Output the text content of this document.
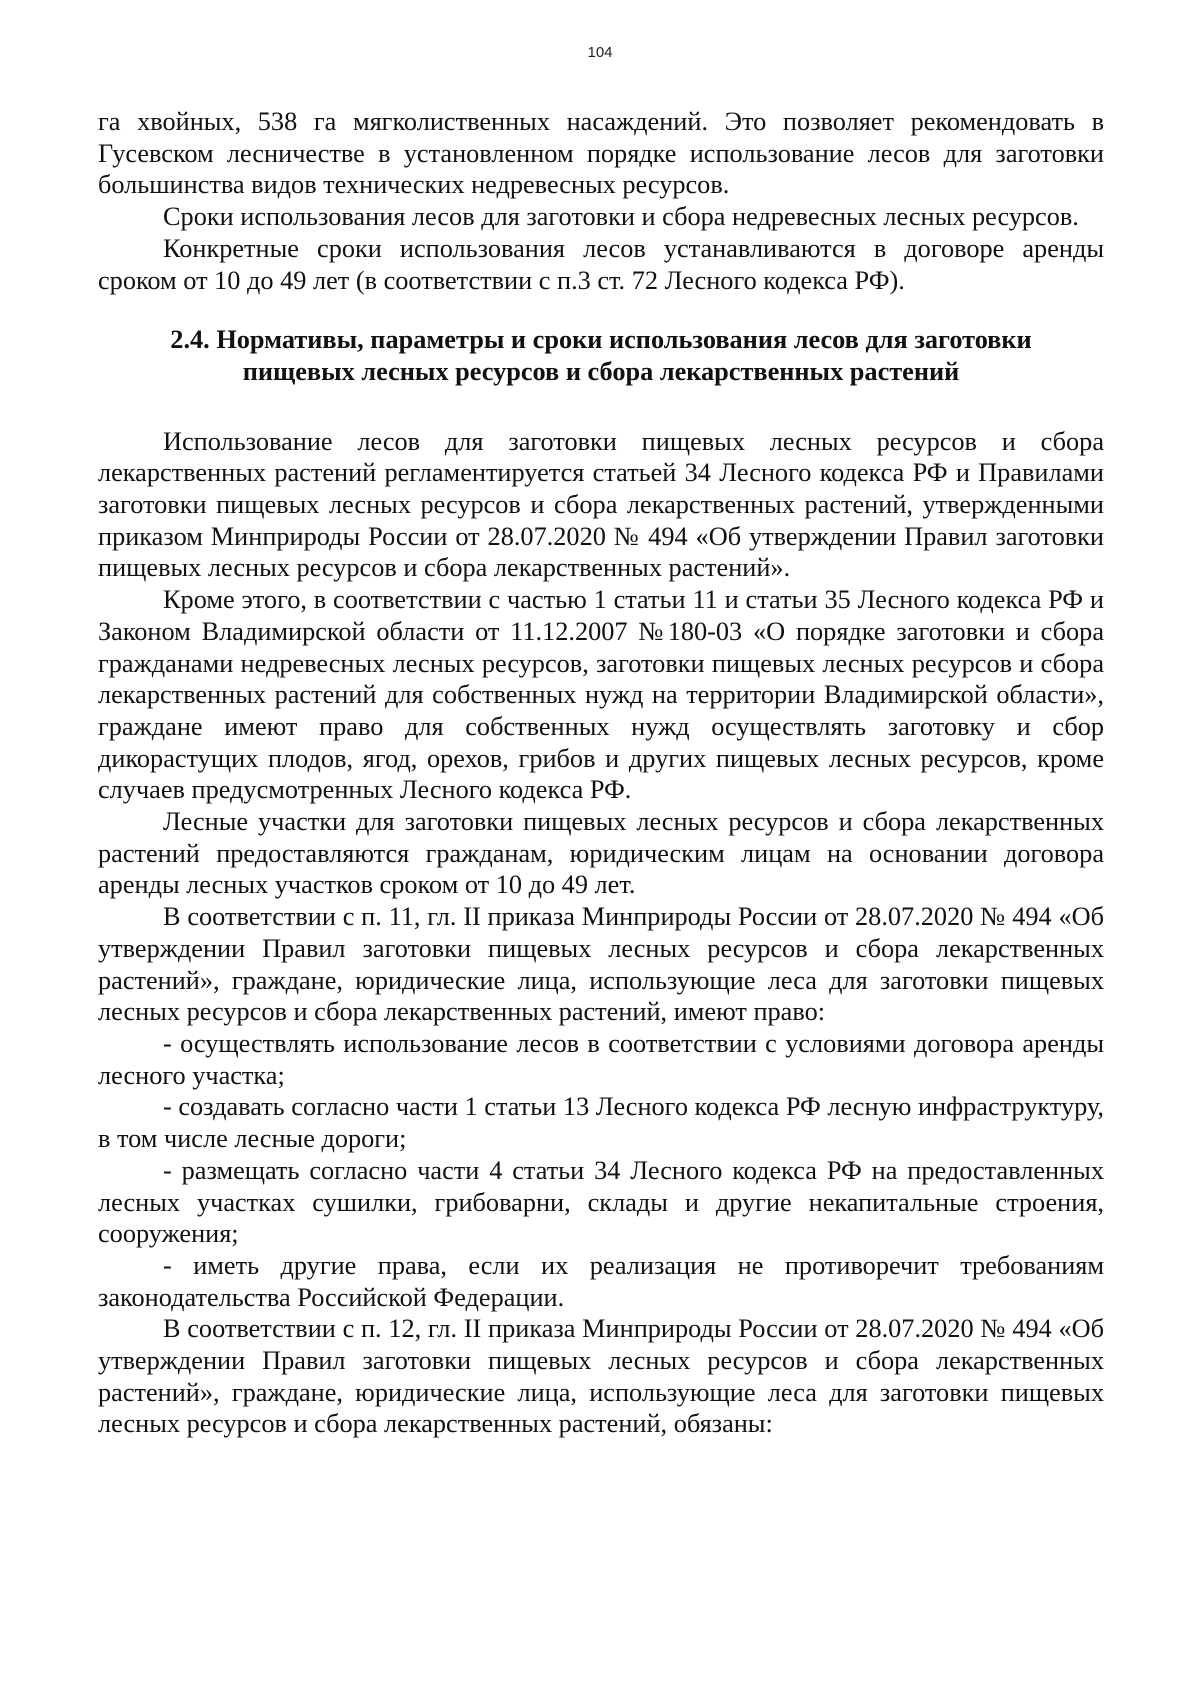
104

га хвойных, 538 га мягколиственных насаждений. Это позволяет рекомендовать в Гусевском лесничестве в установленном порядке использование лесов для заготовки большинства видов технических недревесных ресурсов.

Сроки использования лесов для заготовки и сбора недревесных лесных ресурсов.

Конкретные сроки использования лесов устанавливаются в договоре аренды сроком от 10 до 49 лет (в соответствии с п.3 ст. 72 Лесного кодекса РФ).

2.4. Нормативы, параметры и сроки использования лесов для заготовки
пищевых лесных ресурсов и сбора лекарственных растений

Использование лесов для заготовки пищевых лесных ресурсов и сбора лекарственных растений регламентируется статьей 34 Лесного кодекса РФ и Правилами заготовки пищевых лесных ресурсов и сбора лекарственных растений, утвержденными приказом Минприроды России от 28.07.2020 № 494 «Об утверждении Правил заготовки пищевых лесных ресурсов и сбора лекарственных растений».

Кроме этого, в соответствии с частью 1 статьи 11 и статьи 35 Лесного кодекса РФ и Законом Владимирской области от 11.12.2007 №180-03 «О порядке заготовки и сбора гражданами недревесных лесных ресурсов, заготовки пищевых лесных ресурсов и сбора лекарственных растений для собственных нужд на территории Владимирской области», граждане имеют право для собственных нужд осуществлять заготовку и сбор дикорастущих плодов, ягод, орехов, грибов и других пищевых лесных ресурсов, кроме случаев предусмотренных Лесного кодекса РФ.

Лесные участки для заготовки пищевых лесных ресурсов и сбора лекарственных растений предоставляются гражданам, юридическим лицам на основании договора аренды лесных участков сроком от 10 до 49 лет.

В соответствии с п. 11, гл. II приказа Минприроды России от 28.07.2020 № 494 «Об утверждении Правил заготовки пищевых лесных ресурсов и сбора лекарственных растений», граждане, юридические лица, использующие леса для заготовки пищевых лесных ресурсов и сбора лекарственных растений, имеют право:

- осуществлять использование лесов в соответствии с условиями договора аренды лесного участка;

- создавать согласно части 1 статьи 13 Лесного кодекса РФ лесную инфраструктуру, в том числе лесные дороги;

- размещать согласно части 4 статьи 34 Лесного кодекса РФ на предоставленных лесных участках сушилки, грибоварни, склады и другие некапитальные строения, сооружения;

- иметь другие права, если их реализация не противоречит требованиям законодательства Российской Федерации.

В соответствии с п. 12, гл. II приказа Минприроды России от 28.07.2020 № 494 «Об утверждении Правил заготовки пищевых лесных ресурсов и сбора лекарственных растений», граждане, юридические лица, использующие леса для заготовки пищевых лесных ресурсов и сбора лекарственных растений, обязаны:
